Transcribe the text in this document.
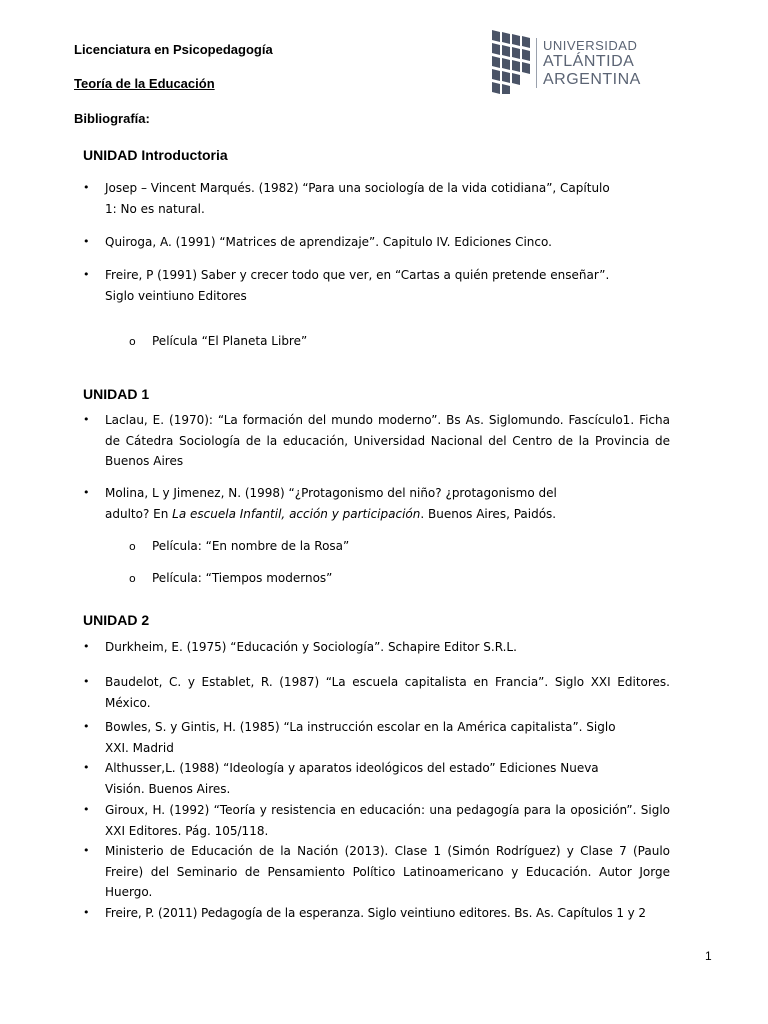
Licenciatura en Psicopedagogía
Teoría de la Educación
Bibliografía:
UNIVERSIDAD
ATLÁNTIDA
ARGENTINA
UNIDAD Introductoria
• Josep – Vincent Marqués. (1982) “Para una sociología de la vida cotidiana”, Capítulo
1: No es natural.
• Quiroga, A. (1991) “Matrices de aprendizaje”. Capitulo IV. Ediciones Cinco.
• Freire, P (1991) Saber y crecer todo que ver, en “Cartas a quién pretende enseñar”.
Siglo veintiuno Editores
o Película “El Planeta Libre”
UNIDAD 1
• Laclau, E. (1970): “La formación del mundo moderno”. Bs As. Siglomundo. Fascículo1. Ficha de Cátedra Sociología de la educación, Universidad Nacional del Centro de la Provincia de Buenos Aires
• Molina, L y Jimenez, N. (1998) “¿Protagonismo del niño? ¿protagonismo del
adulto? En La escuela Infantil, acción y participación. Buenos Aires, Paidós.
o Película: “En nombre de la Rosa”
o Película: “Tiempos modernos”
UNIDAD 2
• Durkheim, E. (1975) “Educación y Sociología”. Schapire Editor S.R.L.
• Baudelot, C. y Establet, R. (1987) “La escuela capitalista en Francia”. Siglo XXI Editores. México.
• Bowles, S. y Gintis, H. (1985) “La instrucción escolar en la América capitalista”. Siglo
XXI. Madrid
• Althusser,L. (1988) “Ideología y aparatos ideológicos del estado” Ediciones Nueva
Visión. Buenos Aires.
• Giroux, H. (1992) “Teoría y resistencia en educación: una pedagogía para la oposición”. Siglo XXI Editores. Pág. 105/118.
• Ministerio de Educación de la Nación (2013). Clase 1 (Simón Rodríguez) y Clase 7 (Paulo Freire) del Seminario de Pensamiento Político Latinoamericano y Educación. Autor Jorge Huergo.
• Freire, P. (2011) Pedagogía de la esperanza. Siglo veintiuno editores. Bs. As. Capítulos 1 y 2
1
